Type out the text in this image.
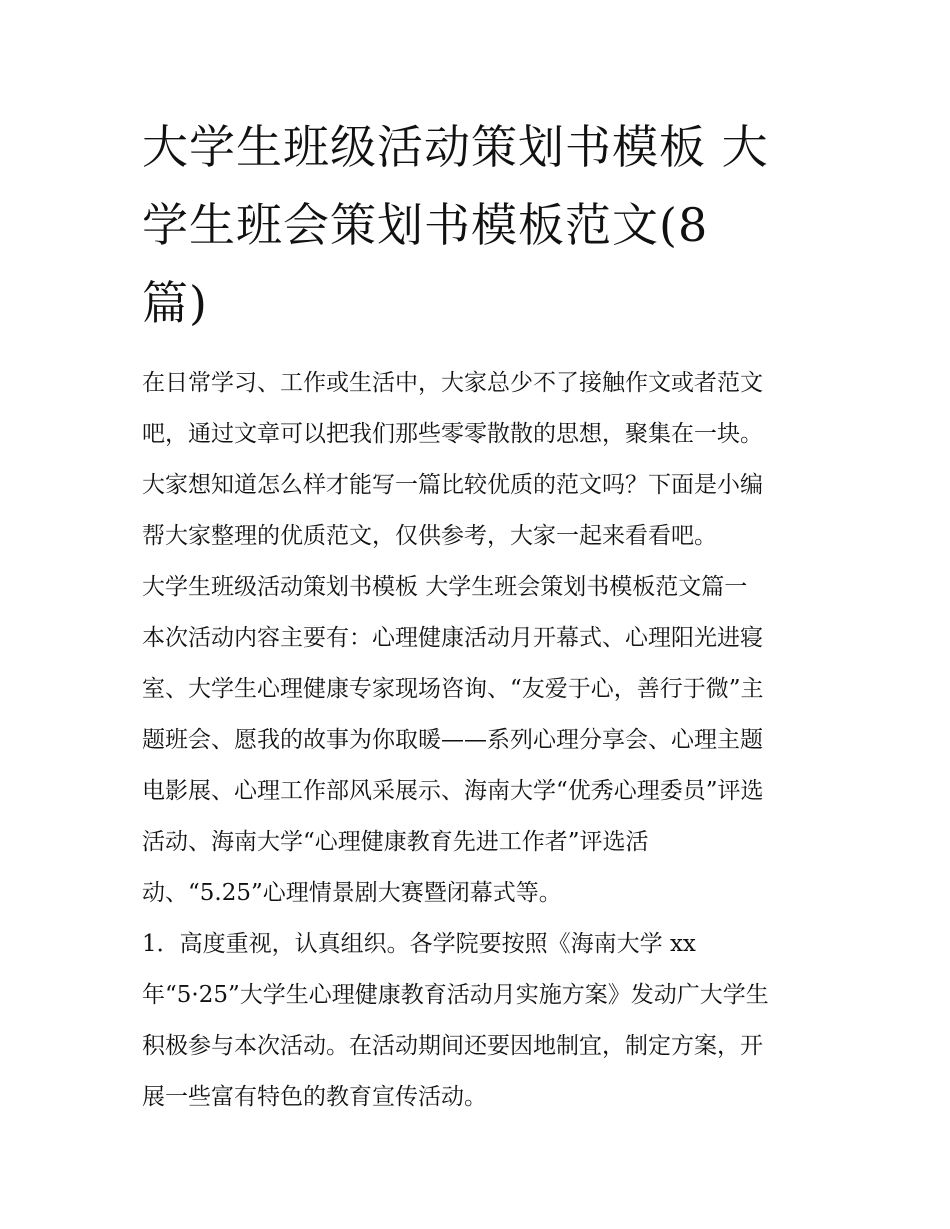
大学生班级活动策划书模板 大
学生班会策划书模板范文(8
篇)

在日常学习、工作或生活中，大家总少不了接触作文或者范文
吧，通过文章可以把我们那些零零散散的思想，聚集在一块。
大家想知道怎么样才能写一篇比较优质的范文吗？下面是小编
帮大家整理的优质范文，仅供参考，大家一起来看看吧。

大学生班级活动策划书模板 大学生班会策划书模板范文篇一

本次活动内容主要有：心理健康活动月开幕式、心理阳光进寝
室、大学生心理健康专家现场咨询、“友爱于心，善行于微”主
题班会、愿我的故事为你取暖——系列心理分享会、心理主题
电影展、心理工作部风采展示、海南大学“优秀心理委员”评选
活动、海南大学“心理健康教育先进工作者”评选活
动、“5.25”心理情景剧大赛暨闭幕式等。

1．高度重视，认真组织。各学院要按照《海南大学 xx
年“5·25”大学生心理健康教育活动月实施方案》发动广大学生
积极参与本次活动。在活动期间还要因地制宜，制定方案，开
展一些富有特色的教育宣传活动。
